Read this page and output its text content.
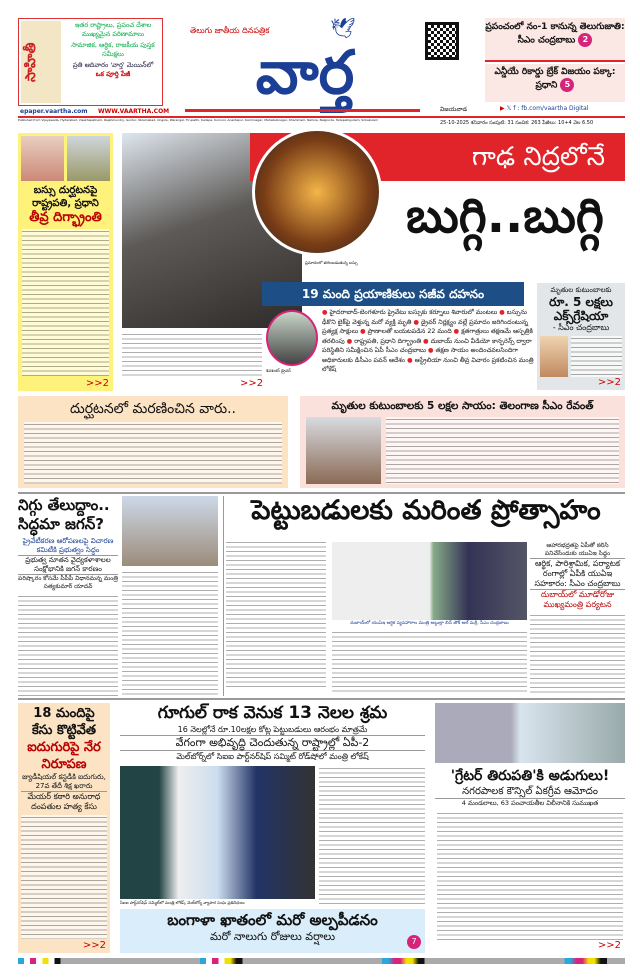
సాహితీ
ఇతర రాష్ట్రాలు, ప్రపంచ దేశాల ముఖ్యమైన పరిణామాలు
సామాజిక, ఆర్థిక, రాజకీయ పుస్తక సమీక్షలు
ప్రతి ఆదివారం 'వార్త' మెయిన్‌లో
ఒక పూర్తి పేజీ
epaper.vaartha.com WWW.VAARTHA.COM
తెలుగు జాతీయ దినపత్రిక	🕊
వార్త
విజయవాడ
ప్రపంచంలో నం-1 కానున్న తెలుగుజాతి: సీఎం చంద్రబాబు 2
ఎన్డీయే రికార్డు బ్రేక్ విజయం పక్కా: ప్రధాని 5
▶ 𝕏 f : fb.com/vaartha Digital
Published from Vijayawada, Hyderabad, Visakhapatnam, Rajahmundry, Guntur, Nizamabad, Ongole, Warangal, Tirupathi, Kadapa, Kurnool, Anantapur, Karimnagar, Mahabubnagar, Khammam, Nellore, Nalgonda, Tadepalligudem, Srikakulam	25-10-2025 శనివారం సంపుటి: 31 సంచిక: 263 పేజీలు: 10+4 వెల 6.50
బస్సు దుర్ఘటనపై రాష్ట్రపతి, ప్రధాని
తీవ్ర దిగ్భ్రాంతి
>>2
గాఢ నిద్రలోనే
ప్రమాదంలో తగలబడుతున్న బస్సు
బుగ్గి..బుగ్గి
19 మంది ప్రయాణికులు సజీవ దహనం
శివశంకర్ డ్రైవర్
>>2
● హైదరాబాద్-బెంగళూరు ప్రైవేటు బస్సుకు కర్నూలు శివారులో మంటలు ● బస్సును ఢీకొని బైక్‌పై వెళ్తున్న మరో వ్యక్తి మృతి ● డ్రైవర్ నిర్లక్ష్యం వల్లే ప్రమాదం జరిగిందంటున్న ప్రత్యక్ష సాక్షులు ● ప్రాణాలతో బయటపడిన 22 మంది ● క్షతగాత్రులు తక్షణమే ఆస్పత్రికి తరలింపు ● రాష్ట్రపతి, ప్రధాని దిగ్భ్రాంతి ● దుబాయ్ నుంచి వీడియో కాన్ఫరెన్స్ ద్వారా పరిస్థితిని సమీక్షించిన ఏపీ సీఎం చంద్రబాబు ● తక్షణ సాయం అందించవలసిందిగా అధికారులకు డిసీఎం పవన్ ఆదేశం ● ఆస్ట్రేలియా నుంచి తీవ్ర విచారం ప్రకటించిన మంత్రి లోకేష్
మృతుల కుటుంబాలకు
రూ. 5 లక్షలు
ఎక్స్‌గ్రేషియా
- సీఎం చంద్రబాబు
>>2
దుర్ఘటనలో మరణించిన వారు..	మృతుల కుటుంబాలకు 5 లక్షల సాయం: తెలంగాణ సీఎం రేవంత్
నిగ్గు తేలుద్దాం.. సిద్ధమా జగన్?
ప్రైవేటీకరణ ఆరోపణలపై విచారణ కమిటీకి ప్రభుత్వం సిద్ధం
ప్రభుత్వ నూతన వైద్యకళాశాలల సంక్షోభానికి జగన్ కారణం
పరిష్కారం కోసమే పీపీపీ విధానమన్న మంత్రి సత్యకుమార్ యాదవ్
పెట్టుబడులకు మరింత ప్రోత్సాహం
దుబాయ్‌లో యుఏఇ ఆర్థిక వ్యవహారాల మంత్రి అబ్దుల్లా బిన్ తౌక్ అల్ మర్రీ, సీఎం చంద్రబాబు
ఆహారభద్రతపై ఏపీతో కలిసి పనిచేసేందుకు యుఏఇ సిద్ధం
ఆర్థిక, పారిశ్రామిక, పర్యాటక రంగాల్లో ఏపీకి యుఏఇ సహకారం: సీఎం చంద్రబాబు
దుబాయ్‌లో మూడోరోజు ముఖ్యమంత్రి పర్యటన
18 మందిపై కేసు కొట్టివేత
ఐదుగురిపై నేర నిరూపణ
జ్యుడీషియల్ కస్టడీకి ఐదుగురు, 27వ తేదీ శిక్ష ఖరారు
మేయర్ కఠారి అనురాధ దంపతుల హత్య కేసు
>>2
గూగుల్ రాక వెనుక 13 నెలల శ్రమ
16 నెలల్లోనే రూ.10లక్షల కోట్ల పెట్టుబడులు ఆరంభం మాత్రమే
వేగంగా అభివృద్ధి చెందుతున్న రాష్ట్రాల్లో ఏపీ-2
మెల్‌బోర్న్‌లో సిఐఐ పార్ట్‌నర్‌షిప్ సమ్మిట్ రోడ్‌షోలో మంత్రి లోకేష్
సీఐఐ పార్ట్‌నర్‌షిప్ సమ్మిట్‌లో మంత్రి లోకేష్, మెల్‌బోర్న్ వ్యాపార సంఘ ప్రతినిధులు
బంగాళా ఖాతంలో మరో అల్పపీడనం
మరో నాలుగు రోజులు వర్షాలు	7
'గ్రేటర్ తిరుపతి'కి అడుగులు!
నగరపాలక కౌన్సిల్ ఏకగ్రీవ ఆమోదం
4 మండలాలు, 63 పంచాయతీల విలీనానికి సుముఖత
>>2
